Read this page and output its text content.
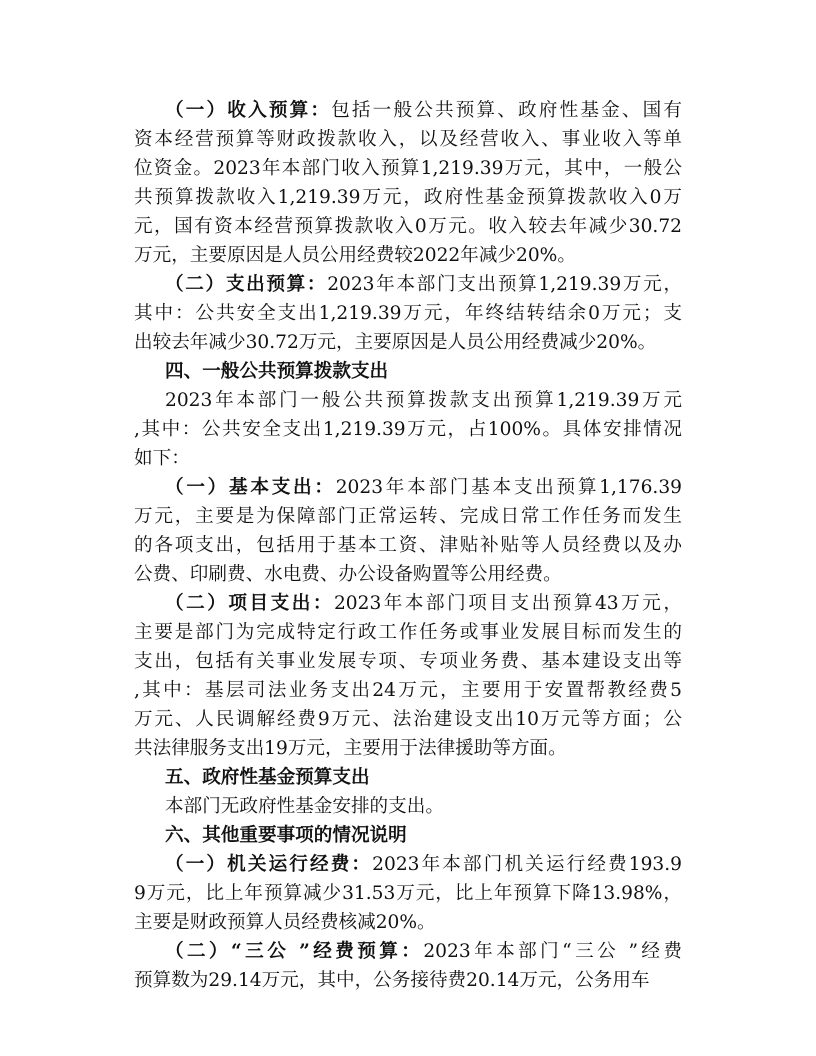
（一）收入预算：包括一般公共预算、政府性基金、国有
资本经营预算等财政拨款收入，以及经营收入、事业收入等单
位资金。2023年本部门收入预算1,219.39万元，其中，一般公
共预算拨款收入1,219.39万元，政府性基金预算拨款收入0万
元，国有资本经营预算拨款收入0万元。收入较去年减少30.72
万元，主要原因是人员公用经费较2022年减少20%。
（二）支出预算：2023年本部门支出预算1,219.39万元，
其中：公共安全支出1,219.39万元，年终结转结余0万元；支
出较去年减少30.72万元，主要原因是人员公用经费减少20%。
四、一般公共预算拨款支出
2023年本部门一般公共预算拨款支出预算1,219.39万元
,其中：公共安全支出1,219.39万元，占100%。具体安排情况
如下：
（一）基本支出：2023年本部门基本支出预算1,176.39
万元，主要是为保障部门正常运转、完成日常工作任务而发生
的各项支出，包括用于基本工资、津贴补贴等人员经费以及办
公费、印刷费、水电费、办公设备购置等公用经费。
（二）项目支出：2023年本部门项目支出预算43万元，
主要是部门为完成特定行政工作任务或事业发展目标而发生的
支出，包括有关事业发展专项、专项业务费、基本建设支出等
,其中：基层司法业务支出24万元，主要用于安置帮教经费5
万元、人民调解经费9万元、法治建设支出10万元等方面；公
共法律服务支出19万元，主要用于法律援助等方面。
五、政府性基金预算支出
本部门无政府性基金安排的支出。
六、其他重要事项的情况说明
（一）机关运行经费：2023年本部门机关运行经费193.9
9万元，比上年预算减少31.53万元，比上年预算下降13.98%，
主要是财政预算人员经费核减20%。
（二）“三公 ”经费预算：2023年本部门“三公 ”经费
预算数为29.14万元，其中，公务接待费20.14万元，公务用车
